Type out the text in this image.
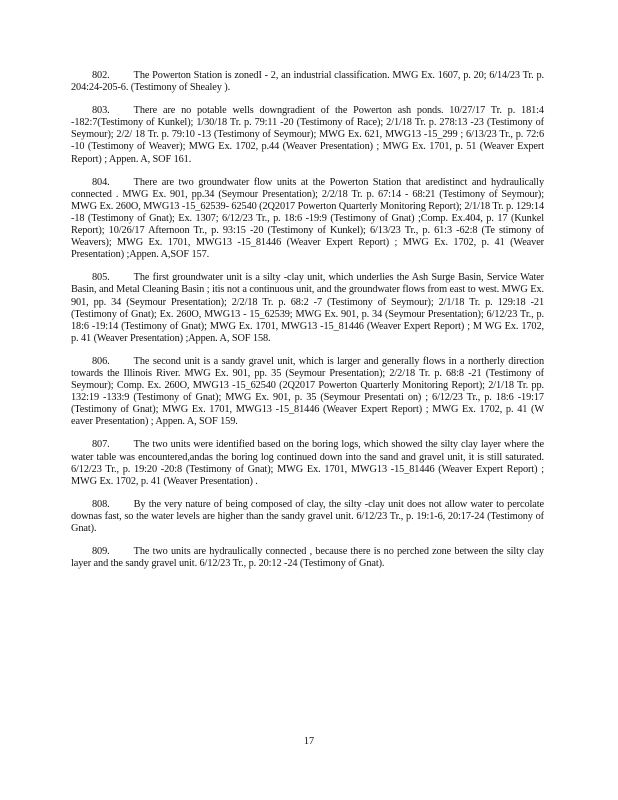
802. The Powerton Station is zonedI - 2, an industrial classification. MWG Ex. 1607, p. 20; 6/14/23 Tr. p. 204:24-205-6. (Testimony of Shealey ).

803. There are no potable wells downgradient of the Powerton ash ponds. 10/27/17 Tr. p. 181:4 -182:7(Testimony of Kunkel); 1/30/18 Tr. p. 79:11 -20 (Testimony of Race); 2/1/18 Tr. p. 278:13 -23 (Testimony of Seymour); 2/2/ 18 Tr. p. 79:10 -13 (Testimony of Seymour); MWG Ex. 621, MWG13 -15_299 ; 6/13/23 Tr., p. 72:6 -10 (Testimony of Weaver); MWG Ex. 1702, p.44 (Weaver Presentation) ; MWG Ex. 1701, p. 51 (Weaver Expert Report) ; Appen. A, SOF 161.

804. There are two groundwater flow units at the Powerton Station that aredistinct and hydraulically connected . MWG Ex. 901, pp.34 (Seymour Presentation); 2/2/18 Tr. p. 67:14 - 68:21 (Testimony of Seymour); MWG Ex. 260O, MWG13 -15_62539- 62540 (2Q2017 Powerton Quarterly Monitoring Report); 2/1/18 Tr. p. 129:14 -18 (Testimony of Gnat); Ex. 1307; 6/12/23 Tr., p. 18:6 -19:9 (Testimony of Gnat) ;Comp. Ex.404, p. 17 (Kunkel Report); 10/26/17 Afternoon Tr., p. 93:15 -20 (Testimony of Kunkel); 6/13/23 Tr., p. 61:3 -62:8 (Te stimony of Weavers); MWG Ex. 1701, MWG13 -15_81446 (Weaver Expert Report) ; MWG Ex. 1702, p. 41 (Weaver Presentation) ;Appen. A,SOF 157.

805. The first groundwater unit is a silty -clay unit, which underlies the Ash Surge Basin, Service Water Basin, and Metal Cleaning Basin ; itis not a continuous unit, and the groundwater flows from east to west. MWG Ex. 901, pp. 34 (Seymour Presentation); 2/2/18 Tr. p. 68:2 -7 (Testimony of Seymour); 2/1/18 Tr. p. 129:18 -21 (Testimony of Gnat); Ex. 260O, MWG13 - 15_62539; MWG Ex. 901, p. 34 (Seymour Presentation); 6/12/23 Tr., p. 18:6 -19:14 (Testimony of Gnat); MWG Ex. 1701, MWG13 -15_81446 (Weaver Expert Report) ; M WG Ex. 1702, p. 41 (Weaver Presentation) ;Appen. A, SOF 158.

806. The second unit is a sandy gravel unit, which is larger and generally flows in a northerly direction towards the Illinois River. MWG Ex. 901, pp. 35 (Seymour Presentation); 2/2/18 Tr. p. 68:8 -21 (Testimony of Seymour); Comp. Ex. 260O, MWG13 -15_62540 (2Q2017 Powerton Quarterly Monitoring Report); 2/1/18 Tr. pp. 132:19 -133:9 (Testimony of Gnat); MWG Ex. 901, p. 35 (Seymour Presentati on) ; 6/12/23 Tr., p. 18:6 -19:17 (Testimony of Gnat); MWG Ex. 1701, MWG13 -15_81446 (Weaver Expert Report) ; MWG Ex. 1702, p. 41 (W eaver Presentation) ; Appen. A, SOF 159.

807. The two units were identified based on the boring logs, which showed the silty clay layer where the water table was encountered,andas the boring log continued down into the sand and gravel unit, it is still saturated. 6/12/23 Tr., p. 19:20 -20:8 (Testimony of Gnat); MWG Ex. 1701, MWG13 -15_81446 (Weaver Expert Report) ; MWG Ex. 1702, p. 41 (Weaver Presentation) .

808. By the very nature of being composed of clay, the silty -clay unit does not allow water to percolate downas fast, so the water levels are higher than the sandy gravel unit. 6/12/23 Tr., p. 19:1-6, 20:17-24 (Testimony of Gnat).

809. The two units are hydraulically connected , because there is no perched zone between the silty clay layer and the sandy gravel unit. 6/12/23 Tr., p. 20:12 -24 (Testimony of Gnat).

17
